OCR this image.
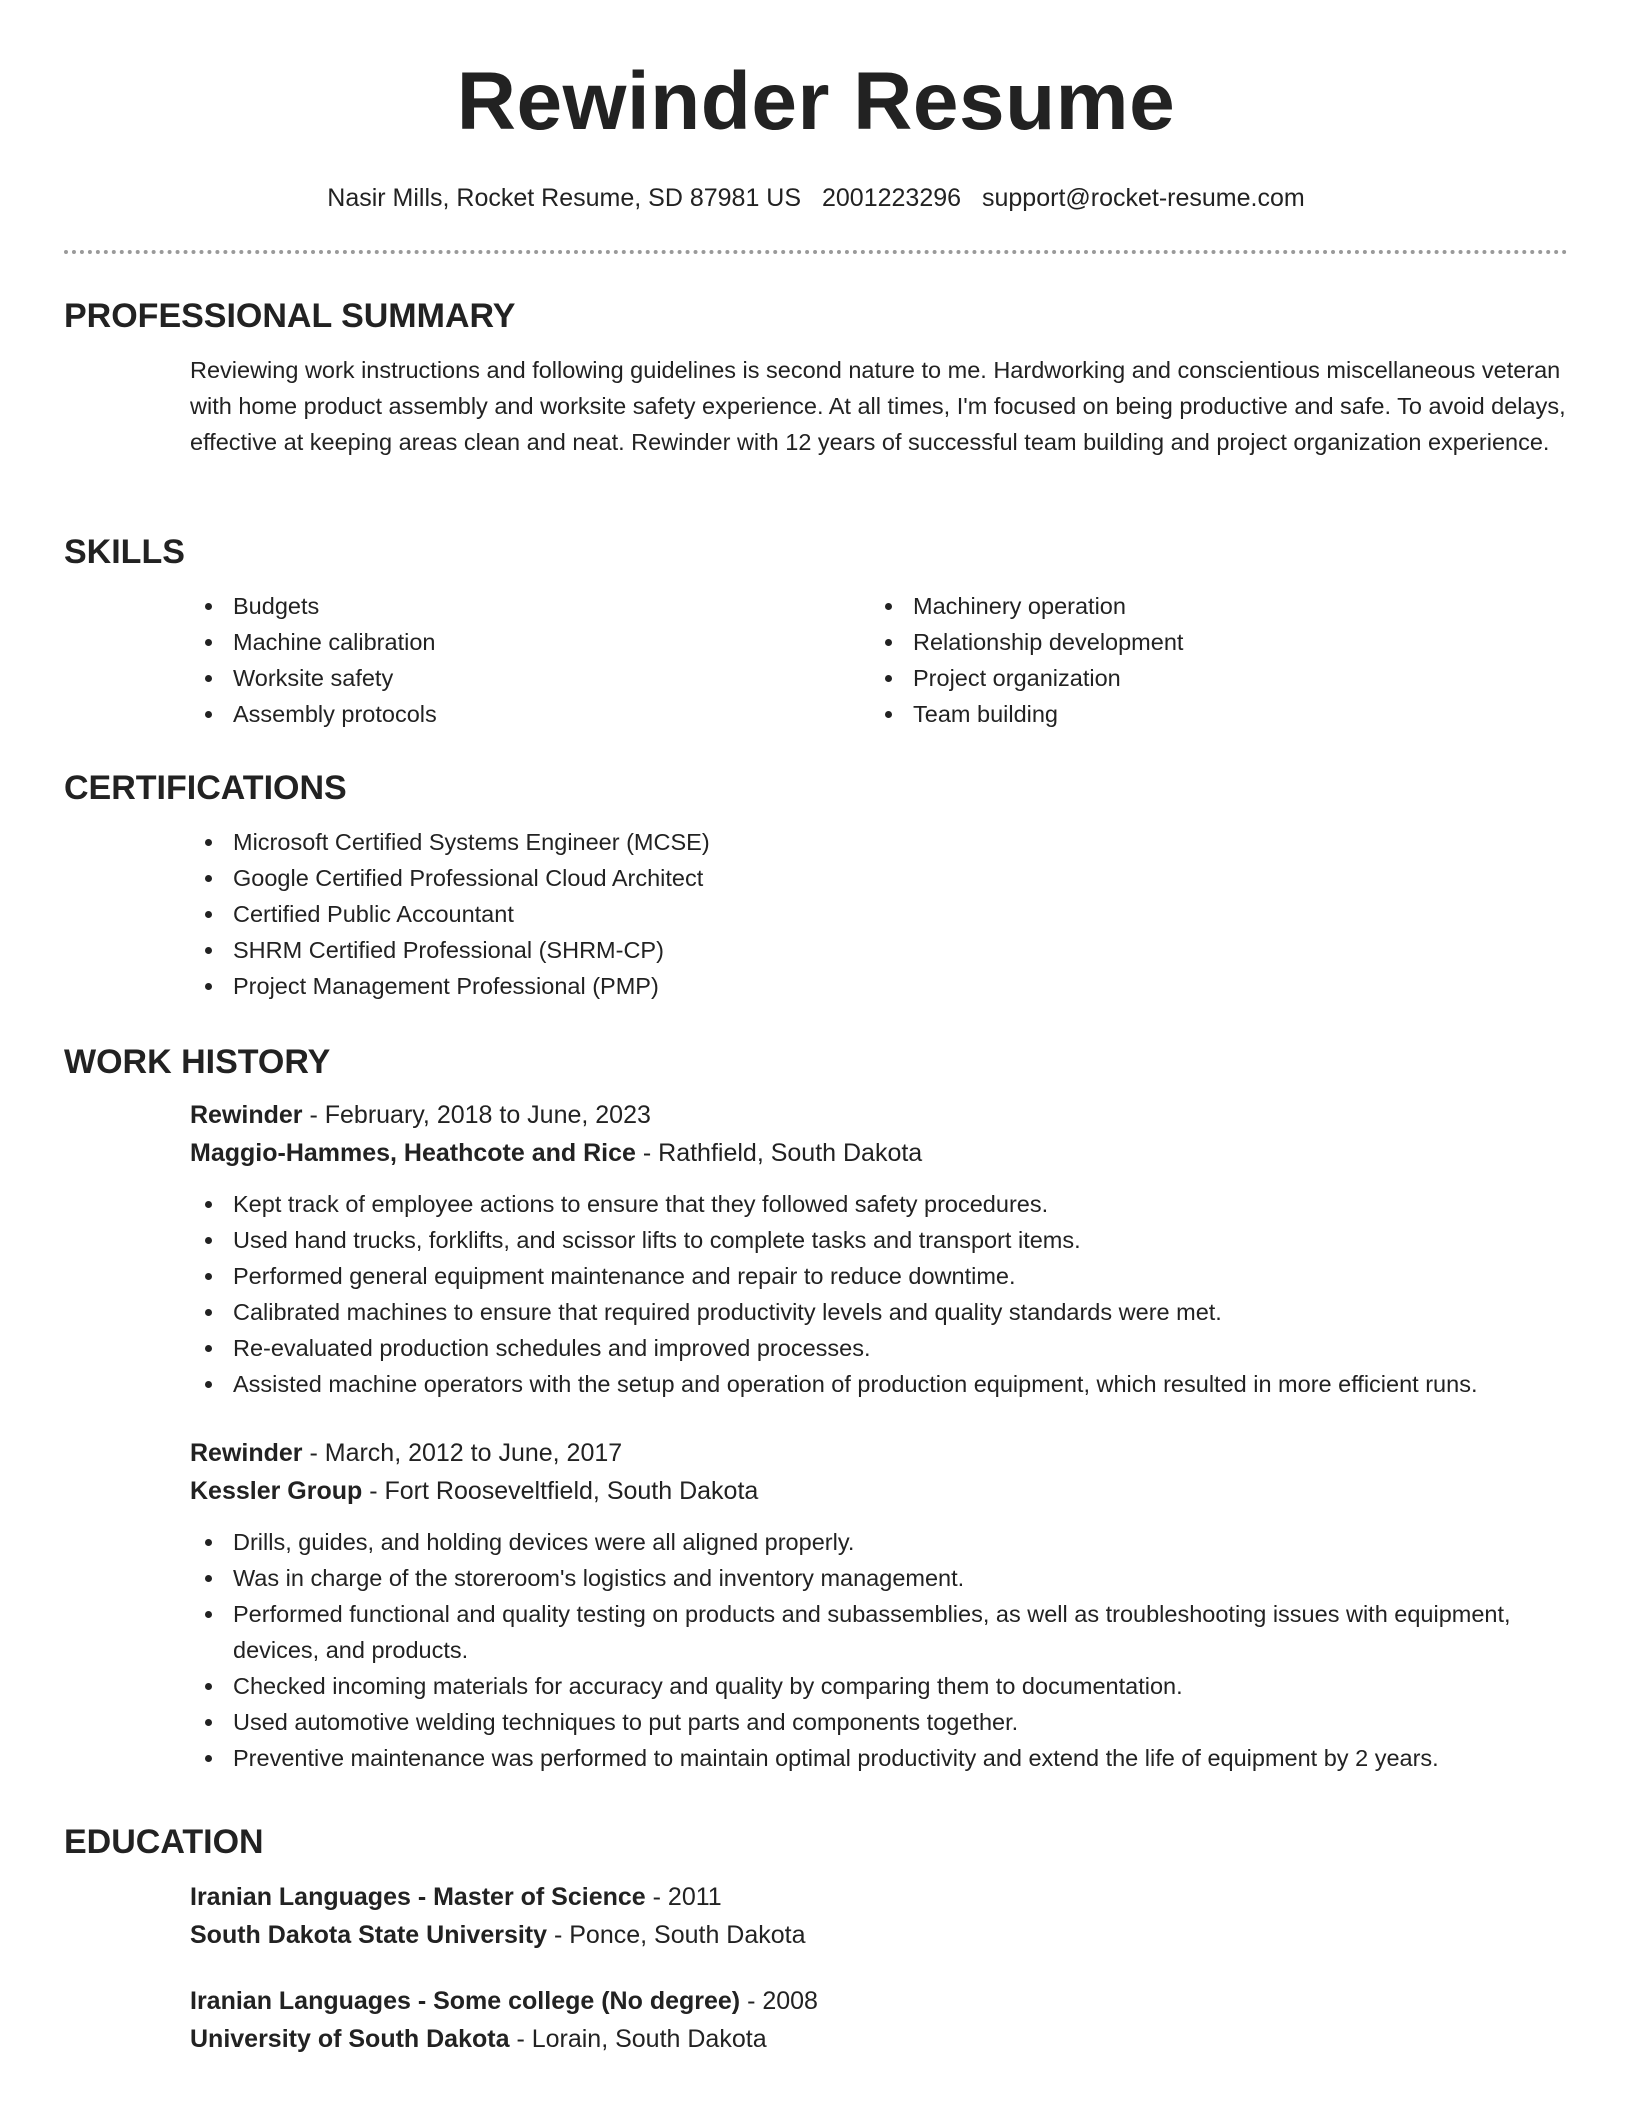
Rewinder Resume
Nasir Mills, Rocket Resume, SD 87981 US 2001223296 support@rocket-resume.com
PROFESSIONAL SUMMARY

Reviewing work instructions and following guidelines is second nature to me. Hardworking and conscientious miscellaneous veteran with home product assembly and worksite safety experience. At all times, I'm focused on being productive and safe. To avoid delays, effective at keeping areas clean and neat. Rewinder with 12 years of successful team building and project organization experience.

SKILLS
Budgets
Machine calibration
Worksite safety
Assembly protocols
Machinery operation
Relationship development
Project organization
Team building
CERTIFICATIONS
Microsoft Certified Systems Engineer (MCSE)
Google Certified Professional Cloud Architect
Certified Public Accountant
SHRM Certified Professional (SHRM-CP)
Project Management Professional (PMP)
WORK HISTORY
Rewinder - February, 2018 to June, 2023
Maggio-Hammes, Heathcote and Rice - Rathfield, South Dakota
Kept track of employee actions to ensure that they followed safety procedures.
Used hand trucks, forklifts, and scissor lifts to complete tasks and transport items.
Performed general equipment maintenance and repair to reduce downtime.
Calibrated machines to ensure that required productivity levels and quality standards were met.
Re-evaluated production schedules and improved processes.
Assisted machine operators with the setup and operation of production equipment, which resulted in more efficient runs.
Rewinder - March, 2012 to June, 2017
Kessler Group - Fort Rooseveltfield, South Dakota
Drills, guides, and holding devices were all aligned properly.
Was in charge of the storeroom's logistics and inventory management.
Performed functional and quality testing on products and subassemblies, as well as troubleshooting issues with equipment, devices, and products.
Checked incoming materials for accuracy and quality by comparing them to documentation.
Used automotive welding techniques to put parts and components together.
Preventive maintenance was performed to maintain optimal productivity and extend the life of equipment by 2 years.
EDUCATION
Iranian Languages - Master of Science - 2011
South Dakota State University - Ponce, South Dakota
Iranian Languages - Some college (No degree) - 2008
University of South Dakota - Lorain, South Dakota
